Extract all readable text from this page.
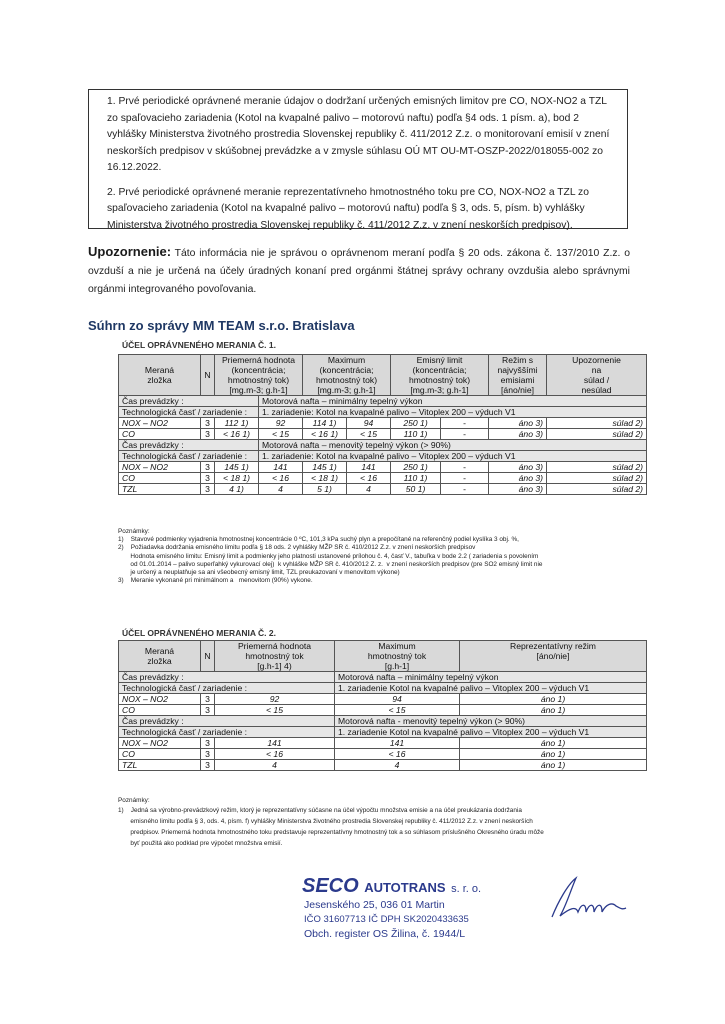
1. Prvé periodické oprávnené meranie údajov o dodržaní určených emisných limitov pre CO, NOX-NO2 a TZL zo spaľovacieho zariadenia (Kotol na kvapalné palivo – motorovú naftu) podľa §4 ods. 1 písm. a), bod 2 vyhlášky Ministerstva životného prostredia Slovenskej republiky č. 411/2012 Z.z. o monitorovaní emisií v znení neskorších predpisov v skúšobnej prevádzke a v zmysle súhlasu OÚ MT OU-MT-OSZP-2022/018055-002 zo 16.12.2022.

2. Prvé periodické oprávnené meranie reprezentatívneho hmotnostného toku pre CO, NOX-NO2 a TZL zo spaľovacieho zariadenia (Kotol na kvapalné palivo – motorovú naftu) podľa § 3, ods. 5, písm. b) vyhlášky Ministerstva životného prostredia Slovenskej republiky č. 411/2012 Z.z. v znení neskorších predpisov).

Upozornenie: Táto informácia nie je správou o oprávnenom meraní podľa § 20 ods. zákona č. 137/2010 Z.z. o ovzduší a nie je určená na účely úradných konaní pred orgánmi štátnej správy ochrany ovzdušia alebo správnymi orgánmi integrovaného povoľovania.
Súhrn zo správy MM TEAM s.r.o. Bratislava
ÚČEL OPRÁVNENÉHO MERANIA Č. 1.
Meraná
zložka	N	Priemerná hodnota
(koncentrácia;
hmotnostný tok)
[mg.m-3; g.h-1]		Maximum
(koncentrácia;
hmotnostný tok)
[mg.m-3; g.h-1]		Emisný limit
(koncentrácia;
hmotnostný tok)
[mg.m-3; g.h-1]		Režim s
najvyššími
emisiami
[áno/nie]	Upozornenie
na
súlad /
nesúlad
Čas prevádzky :			Motorová nafta – minimálny tepelný výkon						
Technologická časť / zariadenie :			1. zariadenie: Kotol na kvapalné palivo – Vitoplex 200 – výduch V1						
NOX – NO2	3	112 1)	92	114 1)	94	250 1)	-	áno 3)	súlad 2)
CO	3	< 16 1)	< 15	< 16 1)	< 15	110 1)	-	áno 3)	súlad 2)
Čas prevádzky :			Motorová nafta – menovitý tepelný výkon (> 90%)						
Technologická časť / zariadenie :			1. zariadenie: Kotol na kvapalné palivo – Vitoplex 200 – výduch V1						
NOX – NO2	3	145 1)	141	145 1)	141	250 1)	-	áno 3)	súlad 2)
CO	3	< 18 1)	< 16	< 18 1)	< 16	110 1)	-	áno 3)	súlad 2)
TZL	3	4 1)	4	5 1)	4	50 1)	-	áno 3)	súlad 2)
Poznámky:
1)    Stavové podmienky vyjadrenia hmotnostnej koncentrácie 0 ºC, 101,3 kPa suchý plyn a prepočítané na referenčný podiel kyslíka 3 obj. %,
2)    Požiadavka dodržania emisného limitu podľa § 18 ods. 2 vyhlášky MŽP SR č. 410/2012 Z.z. v znení neskorších predpisov
Hodnota emisného limitu: Emisný limit a podmienky jeho platnosti ustanovené prílohou č. 4, časť V., tabuľka v bode 2.2 ( zariadenia s povolením
od 01.01.2014 – palivo superľahký vykurovací olej)  k vyhláške MŽP SR č. 410/2012 Z. z.  v znení neskorších predpisov (pre SO2 emisný limit nie
je určený a neuplatňuje sa ani všeobecný emisný limit, TZL preukazovaní v menovitom výkone)
3)    Meranie vykonané pri minimálnom a   menovitom (90%) vykone.
ÚČEL OPRÁVNENÉHO MERANIA Č. 2.
Meraná
zložka	N	Priemerná hodnota
hmotnostný tok
[g.h-1] 4)	Maximum
hmotnostný tok
[g.h-1]	Reprezentatívny režim
[áno/nie]
Čas prevádzky :			Motorová nafta – minimálny tepelný výkon	
Technologická časť / zariadenie :			1. zariadenie Kotol na kvapalné palivo – Vitoplex 200 – výduch V1	
NOX – NO2	3	92	94	áno 1)
CO	3	< 15	< 15	áno 1)
Čas prevádzky :			Motorová nafta - menovitý tepelný výkon (> 90%)	
Technologická časť / zariadenie :			1. zariadenie Kotol na kvapalné palivo – Vitoplex 200 – výduch V1	
NOX – NO2	3	141	141	áno 1)
CO	3	< 16	< 16	áno 1)
TZL	3	4	4	áno 1)
Poznámky:
1)    Jedná sa výrobno-prevádzkový režim, ktorý je reprezentatívny súčasne na účel výpočtu množstva emisie a na účel preukázania dodržania
emisného limitu podľa § 3, ods. 4, písm. f) vyhlášky Ministerstva životného prostredia Slovenskej republiky č. 411/2012 Z.z. v znení neskorších
predpisov. Priemerná hodnota hmotnostného toku predstavuje reprezentatívny hmotnostný tok a so súhlasom príslušného Okresného úradu môže
byť použitá ako podklad pre výpočet množstva emisií.
SECO AUTOTRANS s. r. o.
Jesenského 25, 036 01 Martin
IČO 31607713 IČ DPH SK2020433635
Obch. register OS Žilina, č. 1944/L
